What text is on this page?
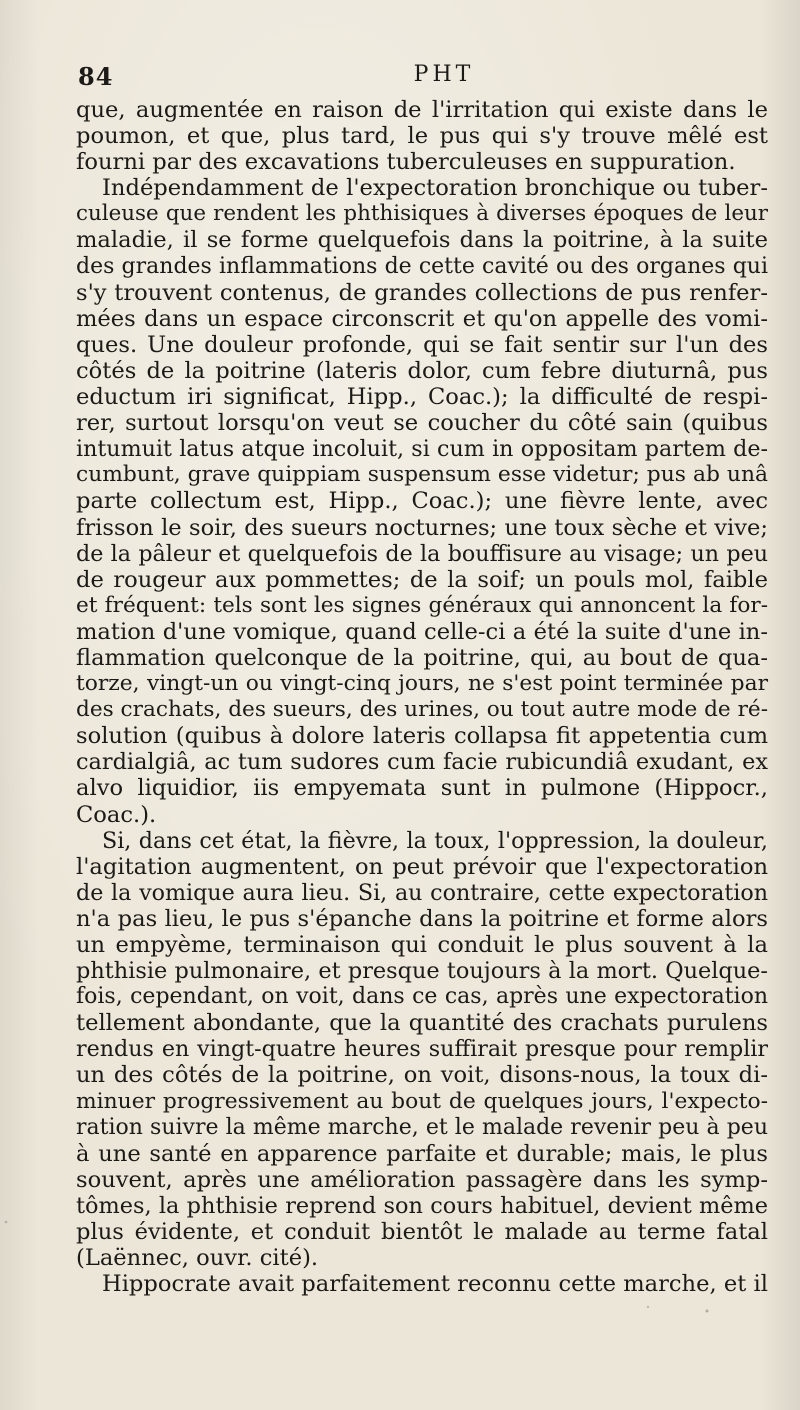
84	PHT
que, augmentée en raison de l'irritation qui existe dans le
poumon, et que, plus tard, le pus qui s'y trouve mêlé est
fourni par des excavations tuberculeuses en suppuration.
Indépendamment de l'expectoration bronchique ou tuber-
culeuse que rendent les phthisiques à diverses époques de leur
maladie, il se forme quelquefois dans la poitrine, à la suite
des grandes inflammations de cette cavité ou des organes qui
s'y trouvent contenus, de grandes collections de pus renfer-
mées dans un espace circonscrit et qu'on appelle des vomi-
ques. Une douleur profonde, qui se fait sentir sur l'un des
côtés de la poitrine (lateris dolor, cum febre diuturnâ, pus
eductum iri significat, Hipp., Coac.); la difficulté de respi-
rer, surtout lorsqu'on veut se coucher du côté sain (quibus
intumuit latus atque incoluit, si cum in oppositam partem de-
cumbunt, grave quippiam suspensum esse videtur; pus ab unâ
parte collectum est, Hipp., Coac.); une fièvre lente, avec
frisson le soir, des sueurs nocturnes; une toux sèche et vive;
de la pâleur et quelquefois de la bouffisure au visage; un peu
de rougeur aux pommettes; de la soif; un pouls mol, faible
et fréquent: tels sont les signes généraux qui annoncent la for-
mation d'une vomique, quand celle-ci a été la suite d'une in-
flammation quelconque de la poitrine, qui, au bout de qua-
torze, vingt-un ou vingt-cinq jours, ne s'est point terminée par
des crachats, des sueurs, des urines, ou tout autre mode de ré-
solution (quibus à dolore lateris collapsa fit appetentia cum
cardialgiâ, ac tum sudores cum facie rubicundiâ exudant, ex
alvo liquidior, iis empyemata sunt in pulmone (Hippocr.,
Coac.).
Si, dans cet état, la fièvre, la toux, l'oppression, la douleur,
l'agitation augmentent, on peut prévoir que l'expectoration
de la vomique aura lieu. Si, au contraire, cette expectoration
n'a pas lieu, le pus s'épanche dans la poitrine et forme alors
un empyème, terminaison qui conduit le plus souvent à la
phthisie pulmonaire, et presque toujours à la mort. Quelque-
fois, cependant, on voit, dans ce cas, après une expectoration
tellement abondante, que la quantité des crachats purulens
rendus en vingt-quatre heures suffirait presque pour remplir
un des côtés de la poitrine, on voit, disons-nous, la toux di-
minuer progressivement au bout de quelques jours, l'expecto-
ration suivre la même marche, et le malade revenir peu à peu
à une santé en apparence parfaite et durable; mais, le plus
souvent, après une amélioration passagère dans les symp-
tômes, la phthisie reprend son cours habituel, devient même
plus évidente, et conduit bientôt le malade au terme fatal
(Laënnec, ouvr. cité).
Hippocrate avait parfaitement reconnu cette marche, et il
